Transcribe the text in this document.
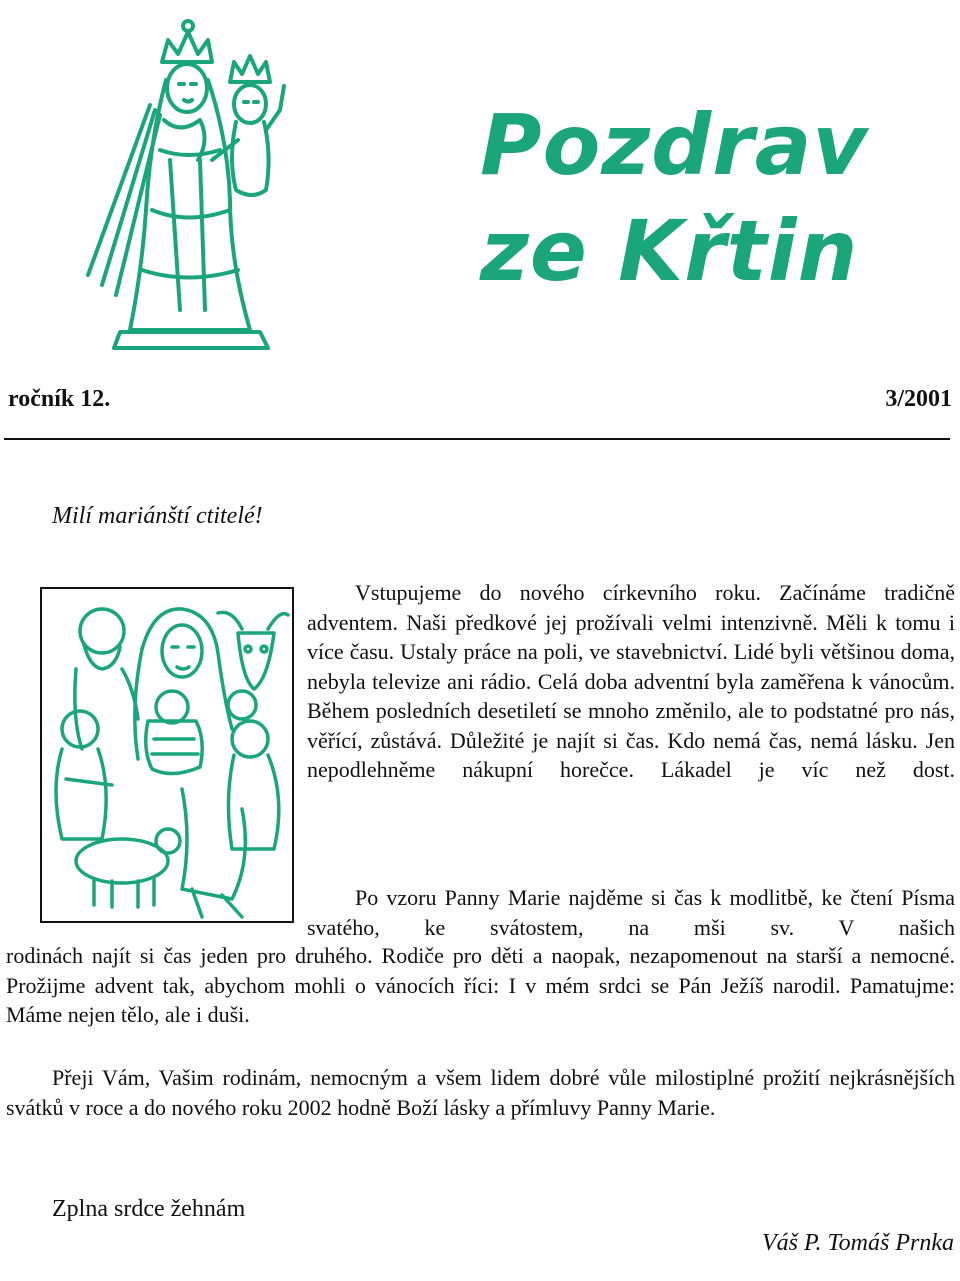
Pozdrav
ze Křtin
ročník 12.	3/2001
Milí mariánští ctitelé!

Vstupujeme do nového církevního roku. Začínáme tradičně adventem. Naši předkové jej prožívali velmi intenzivně. Měli k tomu i více času. Ustaly práce na poli, ve stavebnictví. Lidé byli většinou doma, nebyla televize ani rádio. Celá doba adventní byla zaměřena k vánocům. Během posledních desetiletí se mnoho změnilo, ale to podstatné pro nás, věřící, zůstává. Důležité je najít si čas. Kdo nemá čas, nemá lásku. Jen nepodlehněme nákupní horečce. Lákadel je víc než dost.

Po vzoru Panny Marie najděme si čas k modlitbě, ke čtení Písma svatého, ke svátostem, na mši sv. V našich

rodinách najít si čas jeden pro druhého. Rodiče pro děti a naopak, nezapomenout na starší a nemocné. Prožijme advent tak, abychom mohli o vánocích říci: I v mém srdci se Pán Ježíš narodil. Pamatujme: Máme nejen tělo, ale i duši.

Přeji Vám, Vašim rodinám, nemocným a všem lidem dobré vůle milostiplné prožití nejkrásnějších svátků v roce a do nového roku 2002 hodně Boží lásky a přímluvy Panny Marie.

Zplna srdce žehnám
Váš P. Tomáš Prnka
